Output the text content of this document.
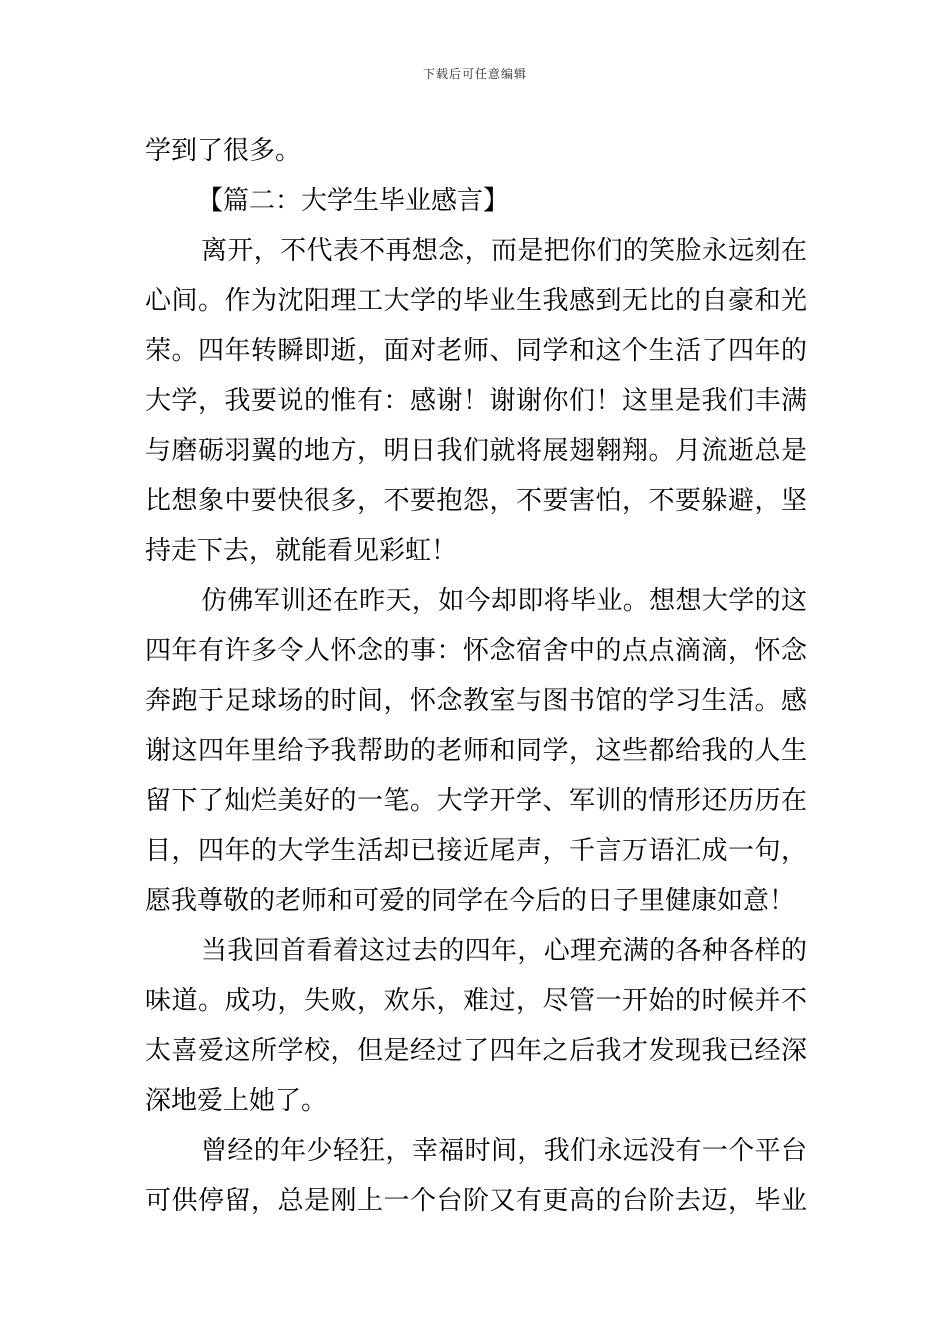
下载后可任意编辑
学到了很多。
【篇二：大学生毕业感言】
离开，不代表不再想念，而是把你们的笑脸永远刻在
心间。作为沈阳理工大学的毕业生我感到无比的自豪和光
荣。四年转瞬即逝，面对老师、同学和这个生活了四年的
大学，我要说的惟有：感谢！谢谢你们！这里是我们丰满
与磨砺羽翼的地方，明日我们就将展翅翱翔。月流逝总是
比想象中要快很多，不要抱怨，不要害怕，不要躲避，坚
持走下去，就能看见彩虹！
仿佛军训还在昨天，如今却即将毕业。想想大学的这
四年有许多令人怀念的事：怀念宿舍中的点点滴滴，怀念
奔跑于足球场的时间，怀念教室与图书馆的学习生活。感
谢这四年里给予我帮助的老师和同学，这些都给我的人生
留下了灿烂美好的一笔。大学开学、军训的情形还历历在
目，四年的大学生活却已接近尾声，千言万语汇成一句，
愿我尊敬的老师和可爱的同学在今后的日子里健康如意！
当我回首看着这过去的四年，心理充满的各种各样的
味道。成功，失败，欢乐，难过，尽管一开始的时候并不
太喜爱这所学校，但是经过了四年之后我才发现我已经深
深地爱上她了。
曾经的年少轻狂，幸福时间，我们永远没有一个平台
可供停留，总是刚上一个台阶又有更高的台阶去迈，毕业
